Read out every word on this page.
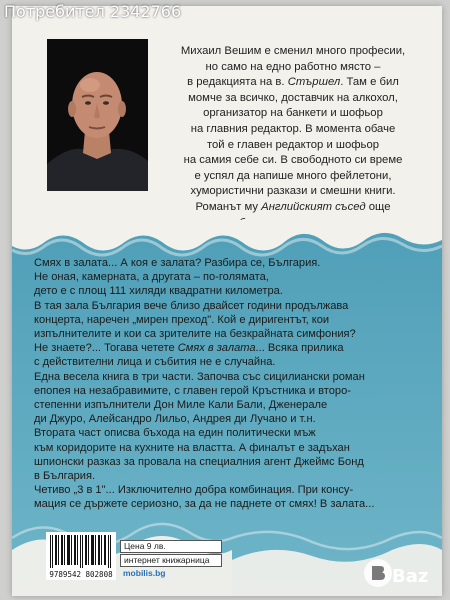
Михаил Вешим е сменил много професии,
но само на едно работно място –
в редакцията на в. Стършел. Там е бил
момче за всичко, доставчик на алкохол,
организатор на банкети и шофьор
на главния редактор. В момента обаче
той е главен редактор и шофьор
на самия себе си. В свободното си време
е успял да напише много фейлетони,
хумористични разкази и смешни книги.
Романът му Английският съсед още

Смях в залата... А коя е залата? Разбира се, България.
Не оная, камерната, а другата – по-голямата,
дето е с площ 111 хиляди квадратни километра.
В тая зала България вече близо двайсет години продължава
концерта, наречен „мирен преход". Кой е диригентът, кои
изпълнителите и кои са зрителите на безкрайната симфония?
Не знаете?... Тогава четете Смях в залата... Всяка прилика
с действителни лица и събития не е случайна.
Една весела книга в три части. Започва със сицилиански роман
епопея на незабравимите, с главен герой Кръстника и второ-
степенни изпълнители Дон Миле Кали Бали, Дженерале
ди Джуро, Алейсандро Лильо, Андрея ди Лучано и т.н.
Втората част описва бъхода на един политически мъж
към коридорите на кухните на властта. А финалът е задъхан
шпионски разказ за провала на специалния агент Джеймс Бонд
в България.
Четиво „3 в 1"... Изключително добра комбинация. При консу-
мация се държете сериозно, за да не паднете от смях! В залата...

9789542 802808
Цена 9 лв.
интернет книжарница
mobilis.bg
Потребител 2342766
Baz
